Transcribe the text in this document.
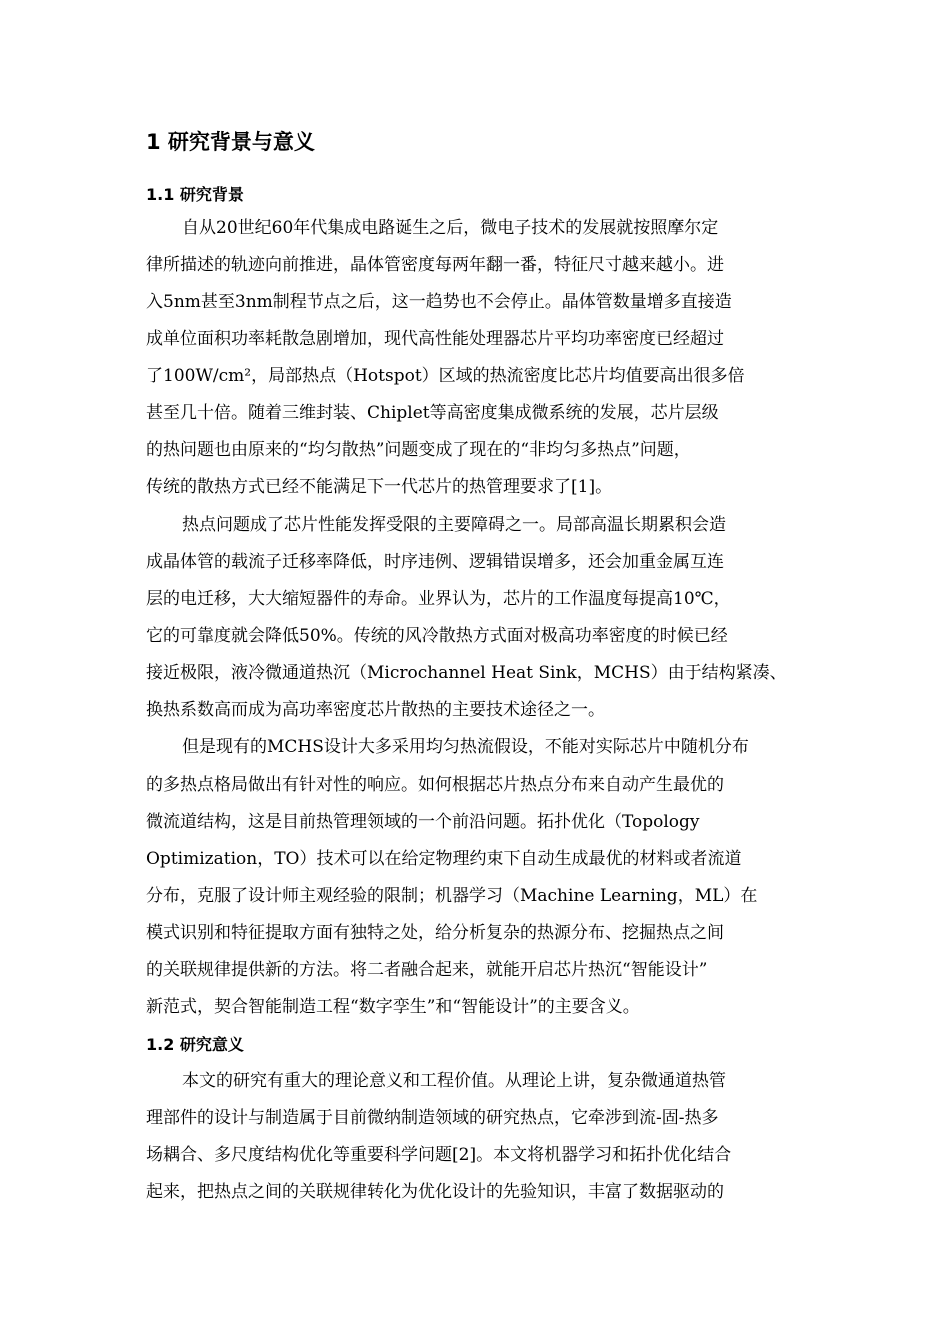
1 研究背景与意义
1.1 研究背景
自从20世纪60年代集成电路诞生之后，微电子技术的发展就按照摩尔定
律所描述的轨迹向前推进，晶体管密度每两年翻一番，特征尺寸越来越小。进
入5nm甚至3nm制程节点之后，这一趋势也不会停止。晶体管数量增多直接造
成单位面积功率耗散急剧增加，现代高性能处理器芯片平均功率密度已经超过
了100W/cm²，局部热点（Hotspot）区域的热流密度比芯片均值要高出很多倍
甚至几十倍。随着三维封装、Chiplet等高密度集成微系统的发展，芯片层级
的热问题也由原来的“均匀散热”问题变成了现在的“非均匀多热点”问题，
传统的散热方式已经不能满足下一代芯片的热管理要求了[1]。
热点问题成了芯片性能发挥受限的主要障碍之一。局部高温长期累积会造
成晶体管的载流子迁移率降低，时序违例、逻辑错误增多，还会加重金属互连
层的电迁移，大大缩短器件的寿命。业界认为，芯片的工作温度每提高10℃，
它的可靠度就会降低50%。传统的风冷散热方式面对极高功率密度的时候已经
接近极限，液冷微通道热沉（Microchannel Heat Sink，MCHS）由于结构紧凑、
换热系数高而成为高功率密度芯片散热的主要技术途径之一。
但是现有的MCHS设计大多采用均匀热流假设，不能对实际芯片中随机分布
的多热点格局做出有针对性的响应。如何根据芯片热点分布来自动产生最优的
微流道结构，这是目前热管理领域的一个前沿问题。拓扑优化（Topology
Optimization，TO）技术可以在给定物理约束下自动生成最优的材料或者流道
分布，克服了设计师主观经验的限制；机器学习（Machine Learning，ML）在
模式识别和特征提取方面有独特之处，给分析复杂的热源分布、挖掘热点之间
的关联规律提供新的方法。将二者融合起来，就能开启芯片热沉“智能设计”
新范式，契合智能制造工程“数字孪生”和“智能设计”的主要含义。
1.2 研究意义
本文的研究有重大的理论意义和工程价值。从理论上讲，复杂微通道热管
理部件的设计与制造属于目前微纳制造领域的研究热点，它牵涉到流-固-热多
场耦合、多尺度结构优化等重要科学问题[2]。本文将机器学习和拓扑优化结合
起来，把热点之间的关联规律转化为优化设计的先验知识，丰富了数据驱动的
